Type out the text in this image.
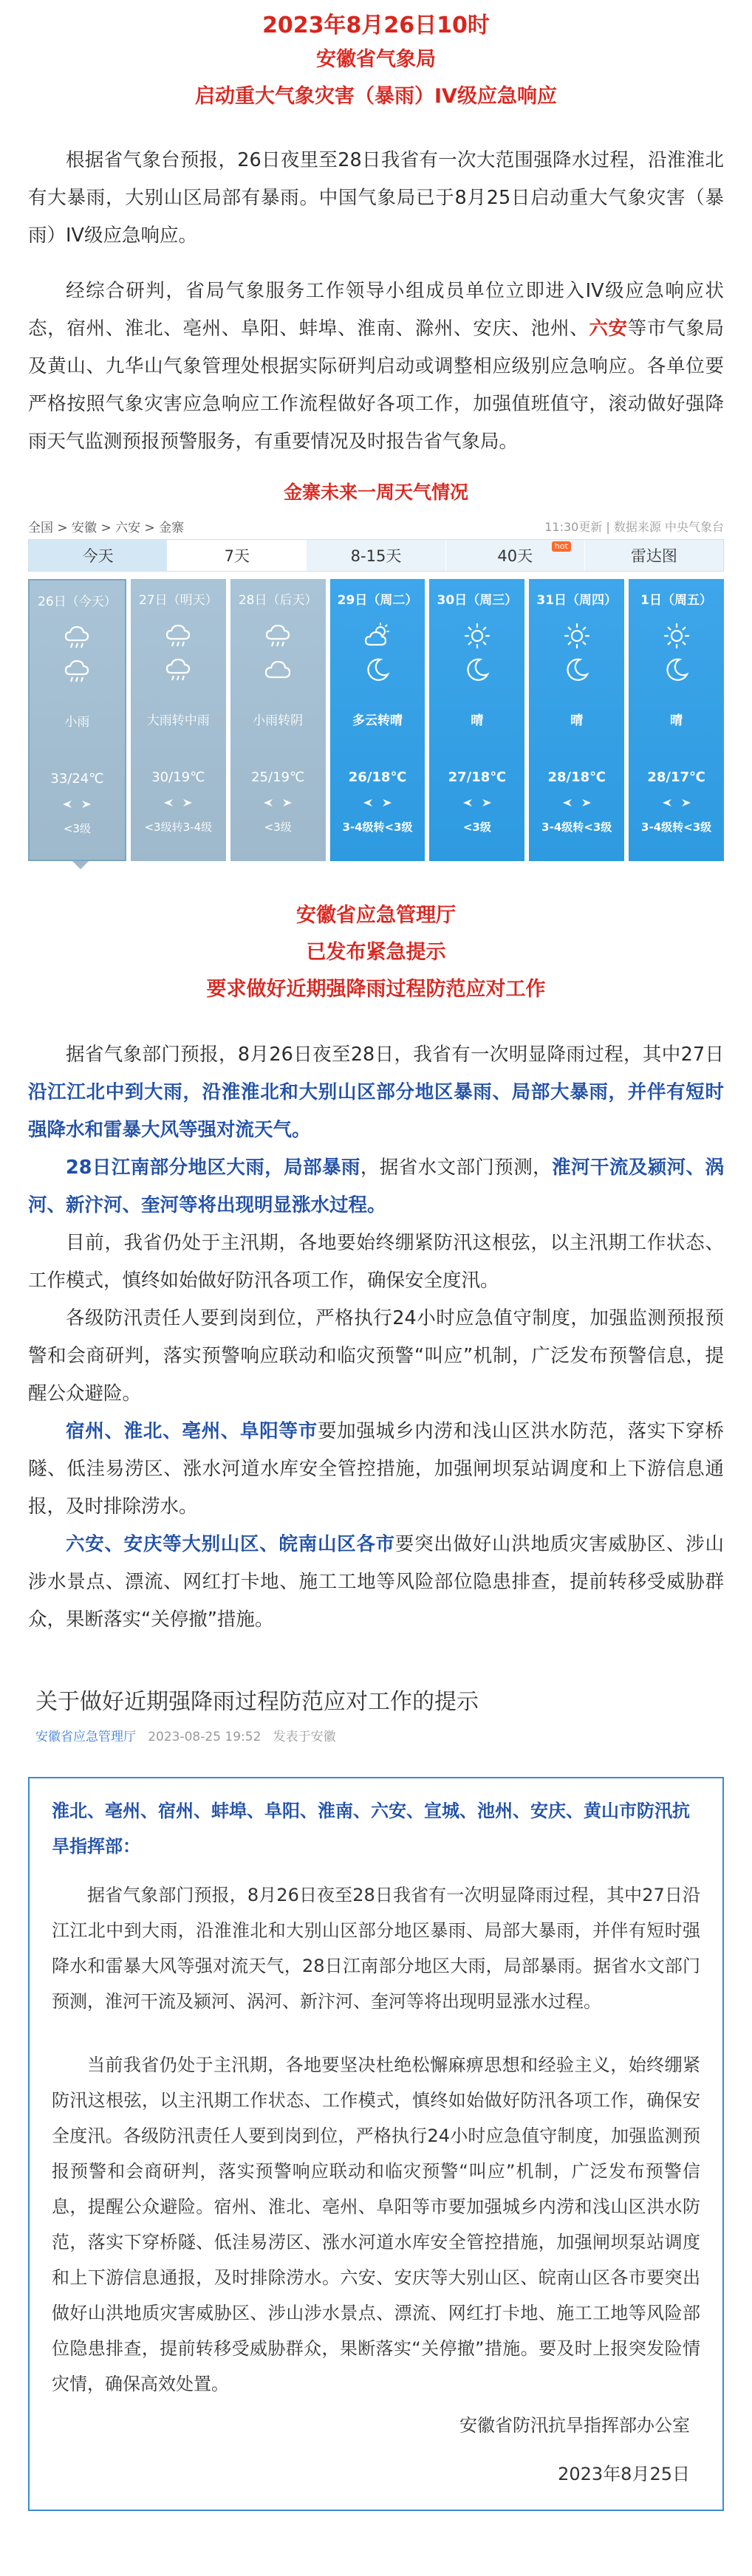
2023年8月26日10时
安徽省气象局
启动重大气象灾害（暴雨）IV级应急响应

根据省气象台预报，26日夜里至28日我省有一次大范围强降水过程，沿淮淮北有大暴雨，大别山区局部有暴雨。中国气象局已于8月25日启动重大气象灾害（暴雨）IV级应急响应。

经综合研判，省局气象服务工作领导小组成员单位立即进入IV级应急响应状态，宿州、淮北、亳州、阜阳、蚌埠、淮南、滁州、安庆、池州、六安等市气象局及黄山、九华山气象管理处根据实际研判启动或调整相应级别应急响应。各单位要严格按照气象灾害应急响应工作流程做好各项工作，加强值班值守，滚动做好强降雨天气监测预报预警服务，有重要情况及时报告省气象局。

金寨未来一周天气情况
全国 > 安徽 > 六安 > 金寨	11:30更新 | 数据来源 中央气象台
今天	7天	8-15天	40天
hot
雷达图
26日（今天）
小雨
33/24℃
<3级
27日（明天）
大雨转中雨
30/19℃
<3级转3-4级
28日（后天）
小雨转阴
25/19℃
<3级
29日（周二）
多云转晴
26/18℃
3-4级转<3级
30日（周三）
晴
27/18℃
<3级
31日（周四）
晴
28/18℃
3-4级转<3级
1日（周五）
晴
28/17℃
3-4级转<3级
安徽省应急管理厅
已发布紧急提示
要求做好近期强降雨过程防范应对工作

据省气象部门预报，8月26日夜至28日，我省有一次明显降雨过程，其中27日沿江江北中到大雨，沿淮淮北和大别山区部分地区暴雨、局部大暴雨，并伴有短时强降水和雷暴大风等强对流天气。

28日江南部分地区大雨，局部暴雨，据省水文部门预测，淮河干流及颍河、涡河、新汴河、奎河等将出现明显涨水过程。

目前，我省仍处于主汛期，各地要始终绷紧防汛这根弦，以主汛期工作状态、工作模式，慎终如始做好防汛各项工作，确保安全度汛。

各级防汛责任人要到岗到位，严格执行24小时应急值守制度，加强监测预报预警和会商研判，落实预警响应联动和临灾预警“叫应”机制，广泛发布预警信息，提醒公众避险。

宿州、淮北、亳州、阜阳等市要加强城乡内涝和浅山区洪水防范，落实下穿桥隧、低洼易涝区、涨水河道水库安全管控措施，加强闸坝泵站调度和上下游信息通报，及时排除涝水。

六安、安庆等大别山区、皖南山区各市要突出做好山洪地质灾害威胁区、涉山涉水景点、漂流、网红打卡地、施工工地等风险部位隐患排查，提前转移受威胁群众，果断落实“关停撤”措施。

关于做好近期强降雨过程防范应对工作的提示
安徽省应急管理厅 2023-08-25 19:52 发表于安徽
淮北、亳州、宿州、蚌埠、阜阳、淮南、六安、宣城、池州、安庆、黄山市防汛抗旱指挥部：

据省气象部门预报，8月26日夜至28日我省有一次明显降雨过程，其中27日沿江江北中到大雨，沿淮淮北和大别山区部分地区暴雨、局部大暴雨，并伴有短时强降水和雷暴大风等强对流天气，28日江南部分地区大雨，局部暴雨。据省水文部门预测，淮河干流及颍河、涡河、新汴河、奎河等将出现明显涨水过程。

当前我省仍处于主汛期，各地要坚决杜绝松懈麻痹思想和经验主义，始终绷紧防汛这根弦，以主汛期工作状态、工作模式，慎终如始做好防汛各项工作，确保安全度汛。各级防汛责任人要到岗到位，严格执行24小时应急值守制度，加强监测预报预警和会商研判，落实预警响应联动和临灾预警“叫应”机制，广泛发布预警信息，提醒公众避险。宿州、淮北、亳州、阜阳等市要加强城乡内涝和浅山区洪水防范，落实下穿桥隧、低洼易涝区、涨水河道水库安全管控措施，加强闸坝泵站调度和上下游信息通报，及时排除涝水。六安、安庆等大别山区、皖南山区各市要突出做好山洪地质灾害威胁区、涉山涉水景点、漂流、网红打卡地、施工工地等风险部位隐患排查，提前转移受威胁群众，果断落实“关停撤”措施。要及时上报突发险情灾情，确保高效处置。

安徽省防汛抗旱指挥部办公室
2023年8月25日
